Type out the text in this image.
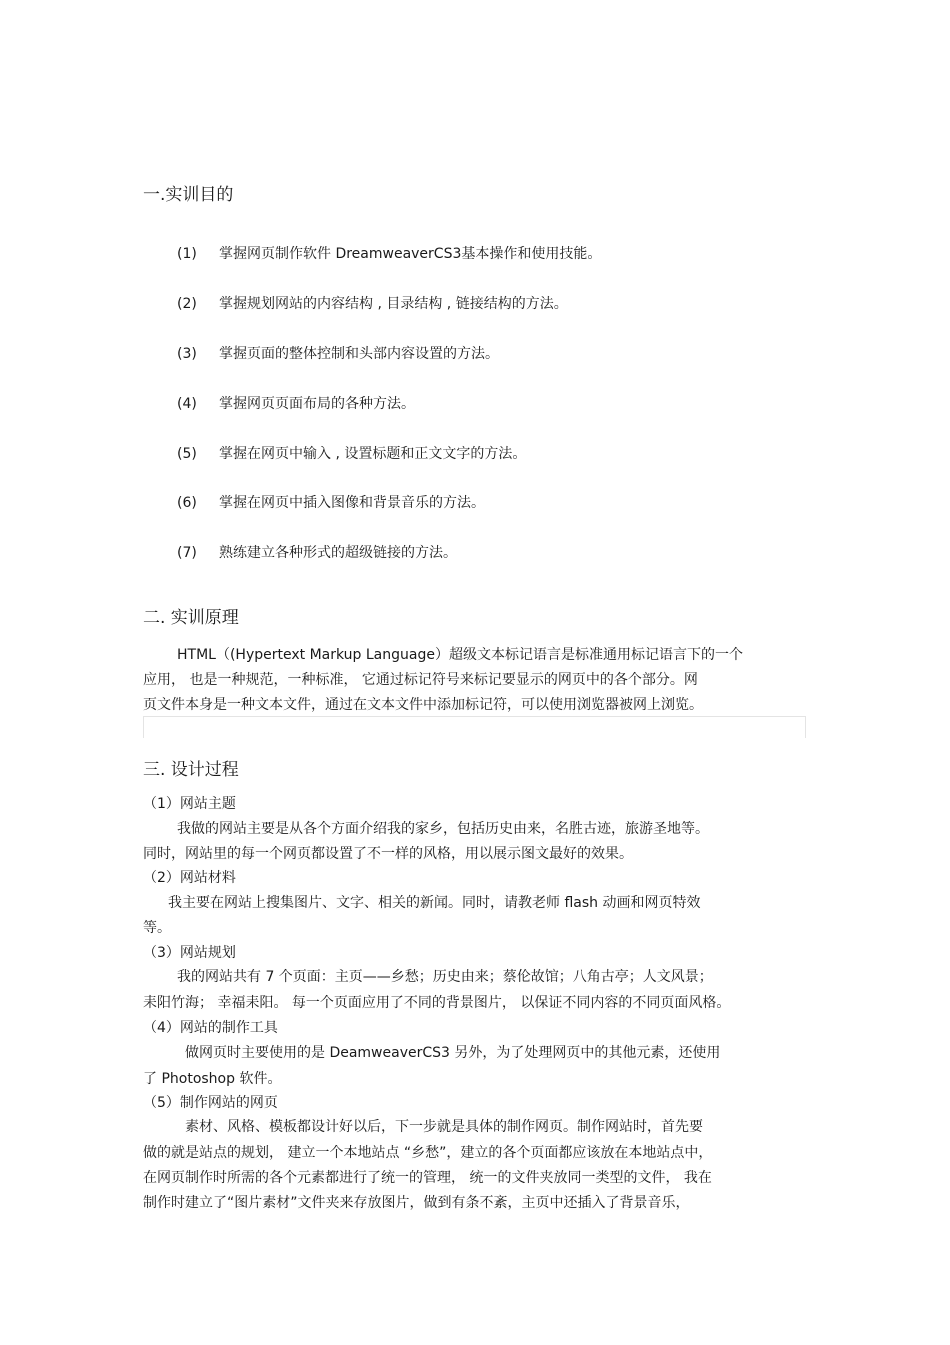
一.实训目的
(1) 掌握网页制作软件 DreamweaverCS3基本操作和使用技能。
(2) 掌握规划网站的内容结构 , 目录结构 , 链接结构的方法。
(3) 掌握页面的整体控制和头部内容设置的方法。
(4) 掌握网页页面布局的各种方法。
(5) 掌握在网页中输入 , 设置标题和正文文字的方法。
(6) 掌握在网页中插入图像和背景音乐的方法。
(7) 熟练建立各种形式的超级链接的方法。
二. 实训原理
HTML（(Hypertext Markup Language）超级文本标记语言是标准通用标记语言下的一个
应用， 也是一种规范，一种标准， 它通过标记符号来标记要显示的网页中的各个部分。网
页文件本身是一种文本文件，通过在文本文件中添加标记符，可以使用浏览器被网上浏览。
三. 设计过程
（1）网站主题
我做的网站主要是从各个方面介绍我的家乡，包括历史由来，名胜古迹，旅游圣地等。
同时，网站里的每一个网页都设置了不一样的风格，用以展示图文最好的效果。
（2）网站材料
我主要在网站上搜集图片、文字、相关的新闻。同时，请教老师 flash 动画和网页特效
等。
（3）网站规划
我的网站共有 7 个页面：主页——乡愁；历史由来；蔡伦故馆；八角古亭；人文风景；
耒阳竹海； 幸福耒阳。 每一个页面应用了不同的背景图片， 以保证不同内容的不同页面风格。
（4）网站的制作工具
做网页时主要使用的是 DeamweaverCS3 另外，为了处理网页中的其他元素，还使用
了 Photoshop 软件。
（5）制作网站的网页
素材、风格、模板都设计好以后，下一步就是具体的制作网页。制作网站时，首先要
做的就是站点的规划， 建立一个本地站点 “乡愁”，建立的各个页面都应该放在本地站点中，
在网页制作时所需的各个元素都进行了统一的管理， 统一的文件夹放同一类型的文件， 我在
制作时建立了“图片素材”文件夹来存放图片，做到有条不紊，主页中还插入了背景音乐，
